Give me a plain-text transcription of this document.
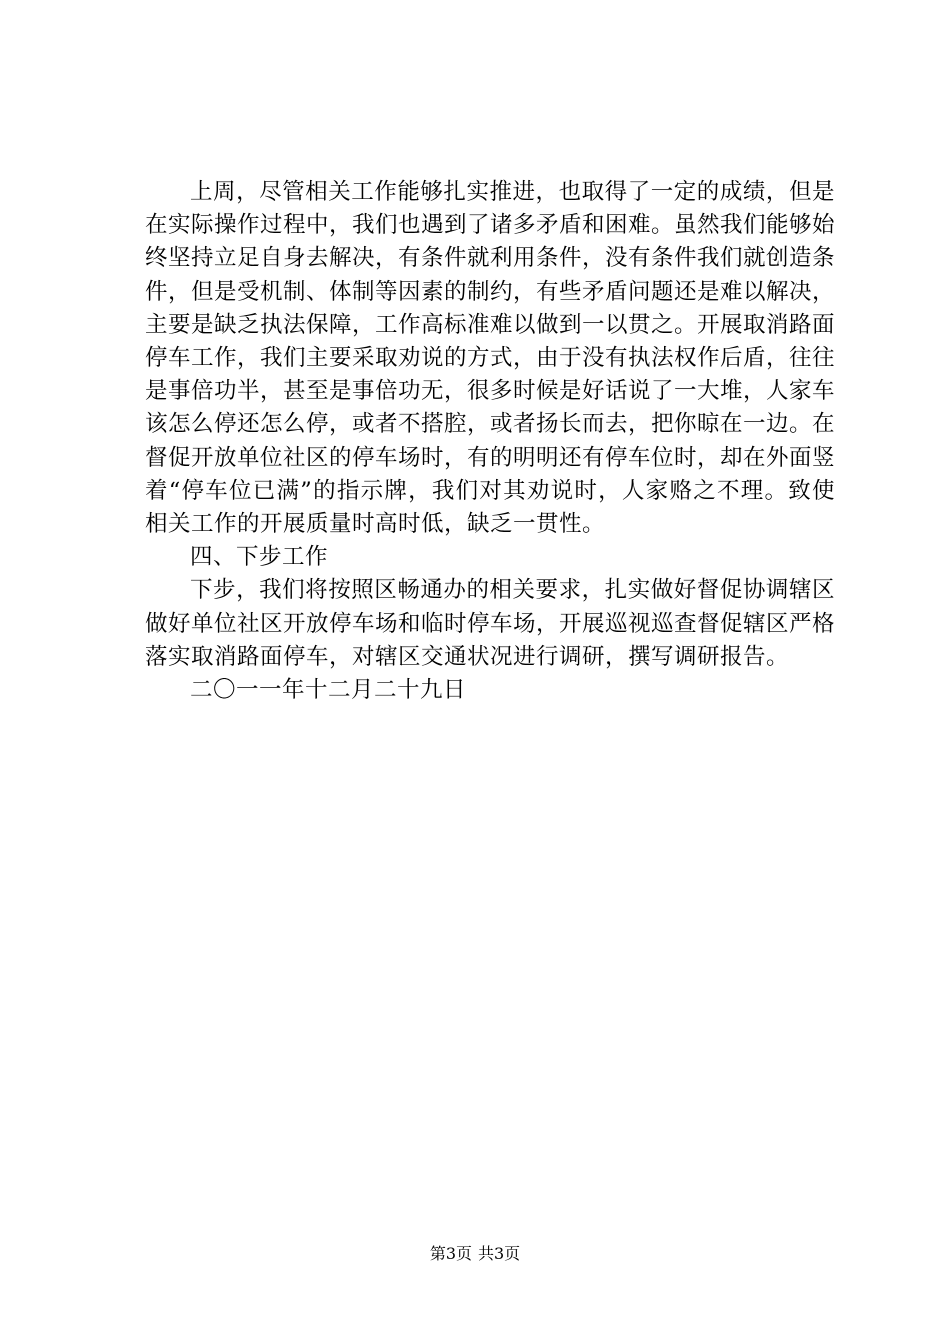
上周，尽管相关工作能够扎实推进，也取得了一定的成绩，但是在实际操作过程中，我们也遇到了诸多矛盾和困难。虽然我们能够始终坚持立足自身去解决，有条件就利用条件，没有条件我们就创造条件，但是受机制、体制等因素的制约，有些矛盾问题还是难以解决，主要是缺乏执法保障，工作高标准难以做到一以贯之。开展取消路面停车工作，我们主要采取劝说的方式，由于没有执法权作后盾，往往是事倍功半，甚至是事倍功无，很多时候是好话说了一大堆，人家车该怎么停还怎么停，或者不搭腔，或者扬长而去，把你晾在一边。在督促开放单位社区的停车场时，有的明明还有停车位时，却在外面竖着“停车位已满”的指示牌，我们对其劝说时，人家赂之不理。致使相关工作的开展质量时高时低，缺乏一贯性。

四、下步工作

下步，我们将按照区畅通办的相关要求，扎实做好督促协调辖区做好单位社区开放停车场和临时停车场，开展巡视巡查督促辖区严格落实取消路面停车，对辖区交通状况进行调研，撰写调研报告。

二〇一一年十二月二十九日

第3页 共3页
